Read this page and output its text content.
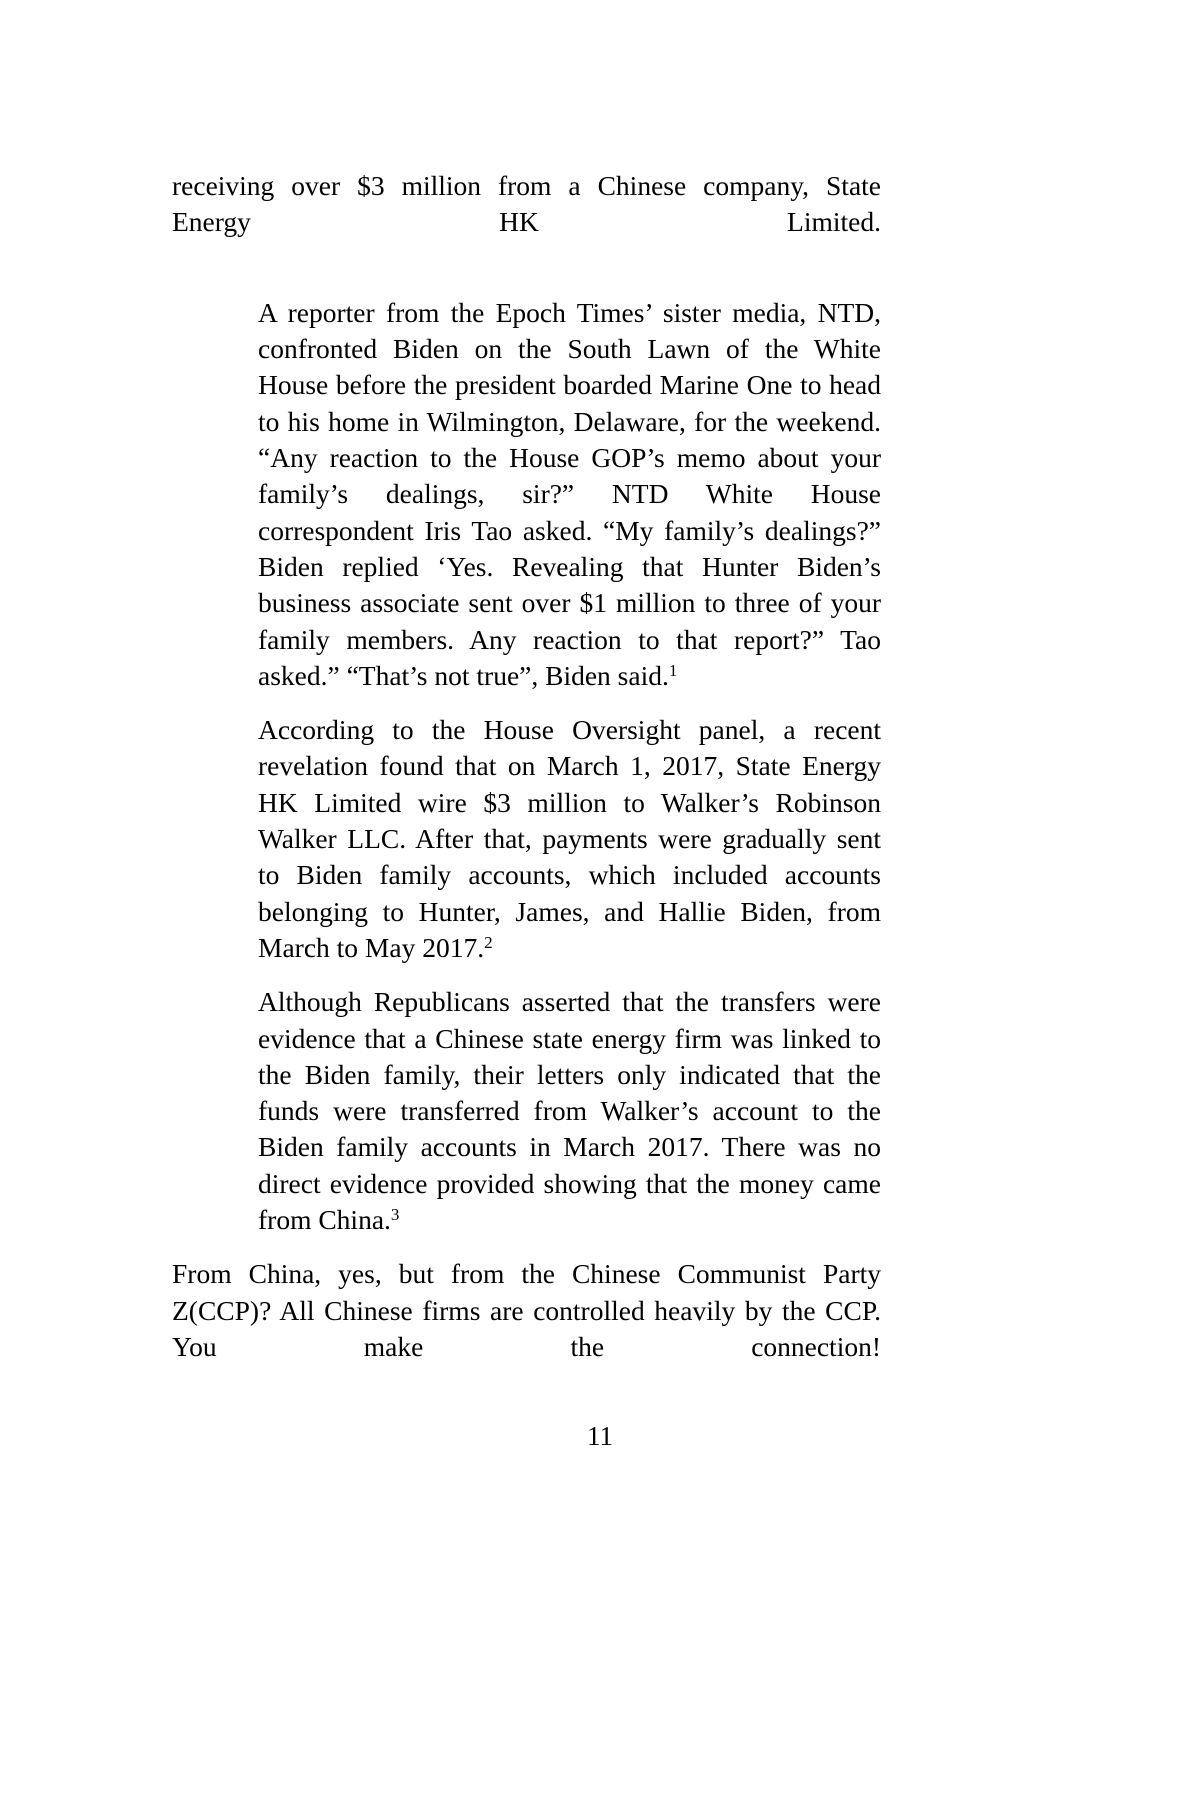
receiving over $3 million from a Chinese company, State Energy HK Limited.

A reporter from the Epoch Times’ sister media, NTD, confronted Biden on the South Lawn of the White House before the president boarded Marine One to head to his home in Wilmington, Delaware, for the weekend. “Any reaction to the House GOP’s memo about your family’s dealings, sir?” NTD White House correspondent Iris Tao asked. “My family’s dealings?” Biden replied ‘Yes. Revealing that Hunter Biden’s business associate sent over $1 million to three of your family members. Any reaction to that report?” Tao asked.” “That’s not true”, Biden said.$^1$

According to the House Oversight panel, a recent revelation found that on March 1, 2017, State Energy HK Limited wire $3 million to Walker’s Robinson Walker LLC. After that, payments were gradually sent to Biden family accounts, which included accounts belonging to Hunter, James, and Hallie Biden, from March to May 2017.$^2$

Although Republicans asserted that the transfers were evidence that a Chinese state energy firm was linked to the Biden family, their letters only indicated that the funds were transferred from Walker’s account to the Biden family accounts in March 2017. There was no direct evidence provided showing that the money came from China.$^3$

From China, yes, but from the Chinese Communist Party Z(CCP)? All Chinese firms are controlled heavily by the CCP. You make the connection!

11
